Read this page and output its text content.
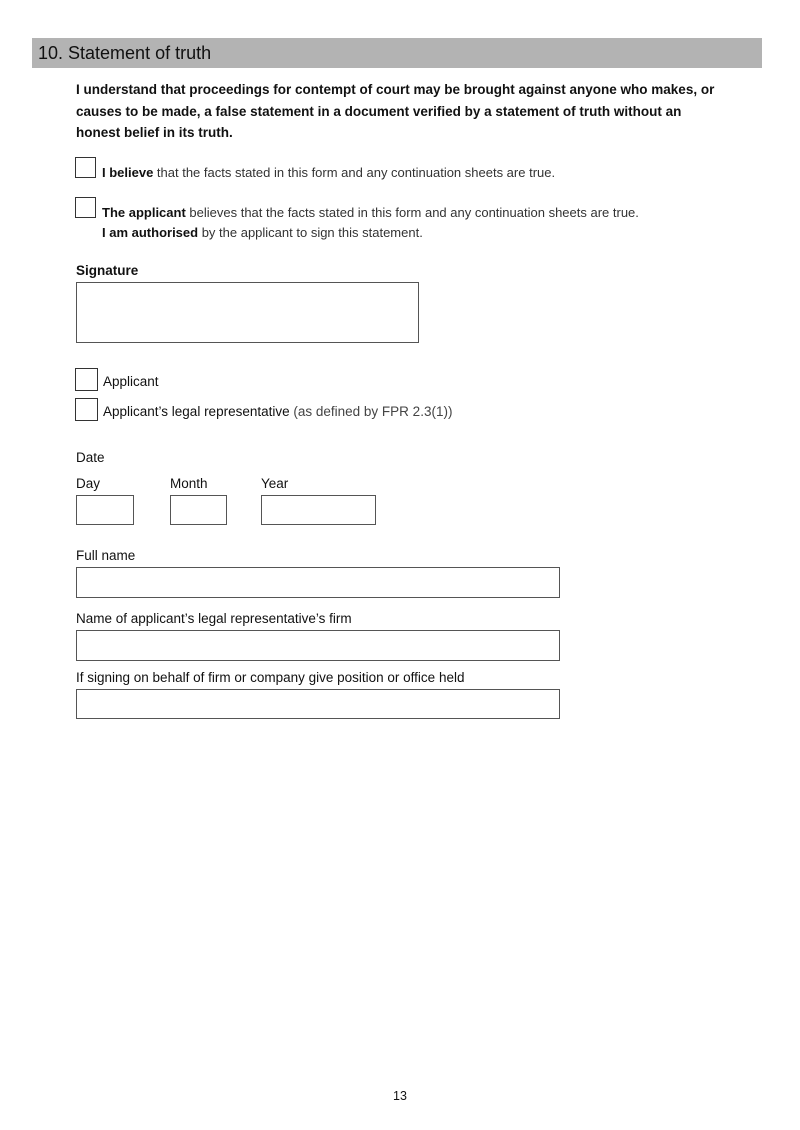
10. Statement of truth
I understand that proceedings for contempt of court may be brought against anyone who makes, or causes to be made, a false statement in a document verified by a statement of truth without an honest belief in its truth.
I believe that the facts stated in this form and any continuation sheets are true.
The applicant believes that the facts stated in this form and any continuation sheets are true.
I am authorised by the applicant to sign this statement.
Signature
Applicant
Applicant’s legal representative (as defined by FPR 2.3(1))
Date
Day	Month	Year
Full name
Name of applicant’s legal representative’s firm
If signing on behalf of firm or company give position or office held
13
